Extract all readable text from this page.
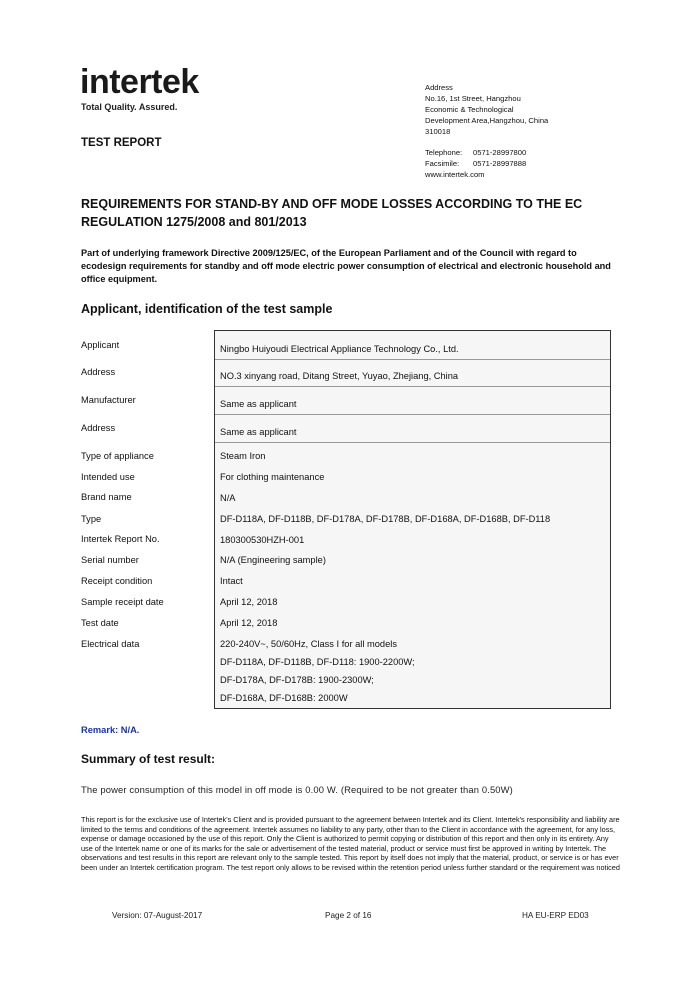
intertek
Total Quality. Assured.
TEST REPORT
Address
No.16, 1st Street, Hangzhou
Economic & Technological
Development Area,Hangzhou, China
310018
Telephone: 0571-28997800
Facsimile: 0571-28997888
www.intertek.com
REQUIREMENTS FOR STAND-BY AND OFF MODE LOSSES ACCORDING TO THE EC
REGULATION 1275/2008 and 801/2013
Part of underlying framework Directive 2009/125/EC, of the European Parliament and of the Council with regard to ecodesign requirements for standby and off mode electric power consumption of electrical and electronic household and office equipment.
Applicant, identification of the test sample
Applicant
Address
Manufacturer
Address
Type of appliance
Intended use
Brand name
Type
Intertek Report No.
Serial number
Receipt condition
Sample receipt date
Test date
Electrical data
Ningbo Huiyoudi Electrical Appliance Technology Co., Ltd.
NO.3 xinyang road, Ditang Street, Yuyao, Zhejiang, China
Same as applicant
Same as applicant
Steam Iron
For clothing maintenance
N/A
DF-D118A, DF-D118B, DF-D178A, DF-D178B, DF-D168A, DF-D168B, DF-D118
180300530HZH-001
N/A (Engineering sample)
Intact
April 12, 2018
April 12, 2018
220-240V~, 50/60Hz, Class I for all models
DF-D118A, DF-D118B, DF-D118: 1900-2200W;
DF-D178A, DF-D178B: 1900-2300W;
DF-D168A, DF-D168B: 2000W
Remark: N/A.
Summary of test result:
The power consumption of this model in off mode is 0.00 W. (Required to be not greater than 0.50W)
This report is for the exclusive use of Intertek's Client and is provided pursuant to the agreement between Intertek and its Client. Intertek's responsibility and liability are limited to the terms and conditions of the agreement. Intertek assumes no liability to any party, other than to the Client in accordance with the agreement, for any loss, expense or damage occasioned by the use of this report. Only the Client is authorized to permit copying or distribution of this report and then only in its entirety. Any use of the Intertek name or one of its marks for the sale or advertisement of the tested material, product or service must first be approved in writing by Intertek. The observations and test results in this report are relevant only to the sample tested. This report by itself does not imply that the material, product, or service is or has ever been under an Intertek certification program. The test report only allows to be revised within the retention period unless further standard or the requirement was noticed
Version: 07-August-2017	Page 2 of 16	HA EU-ERP ED03
